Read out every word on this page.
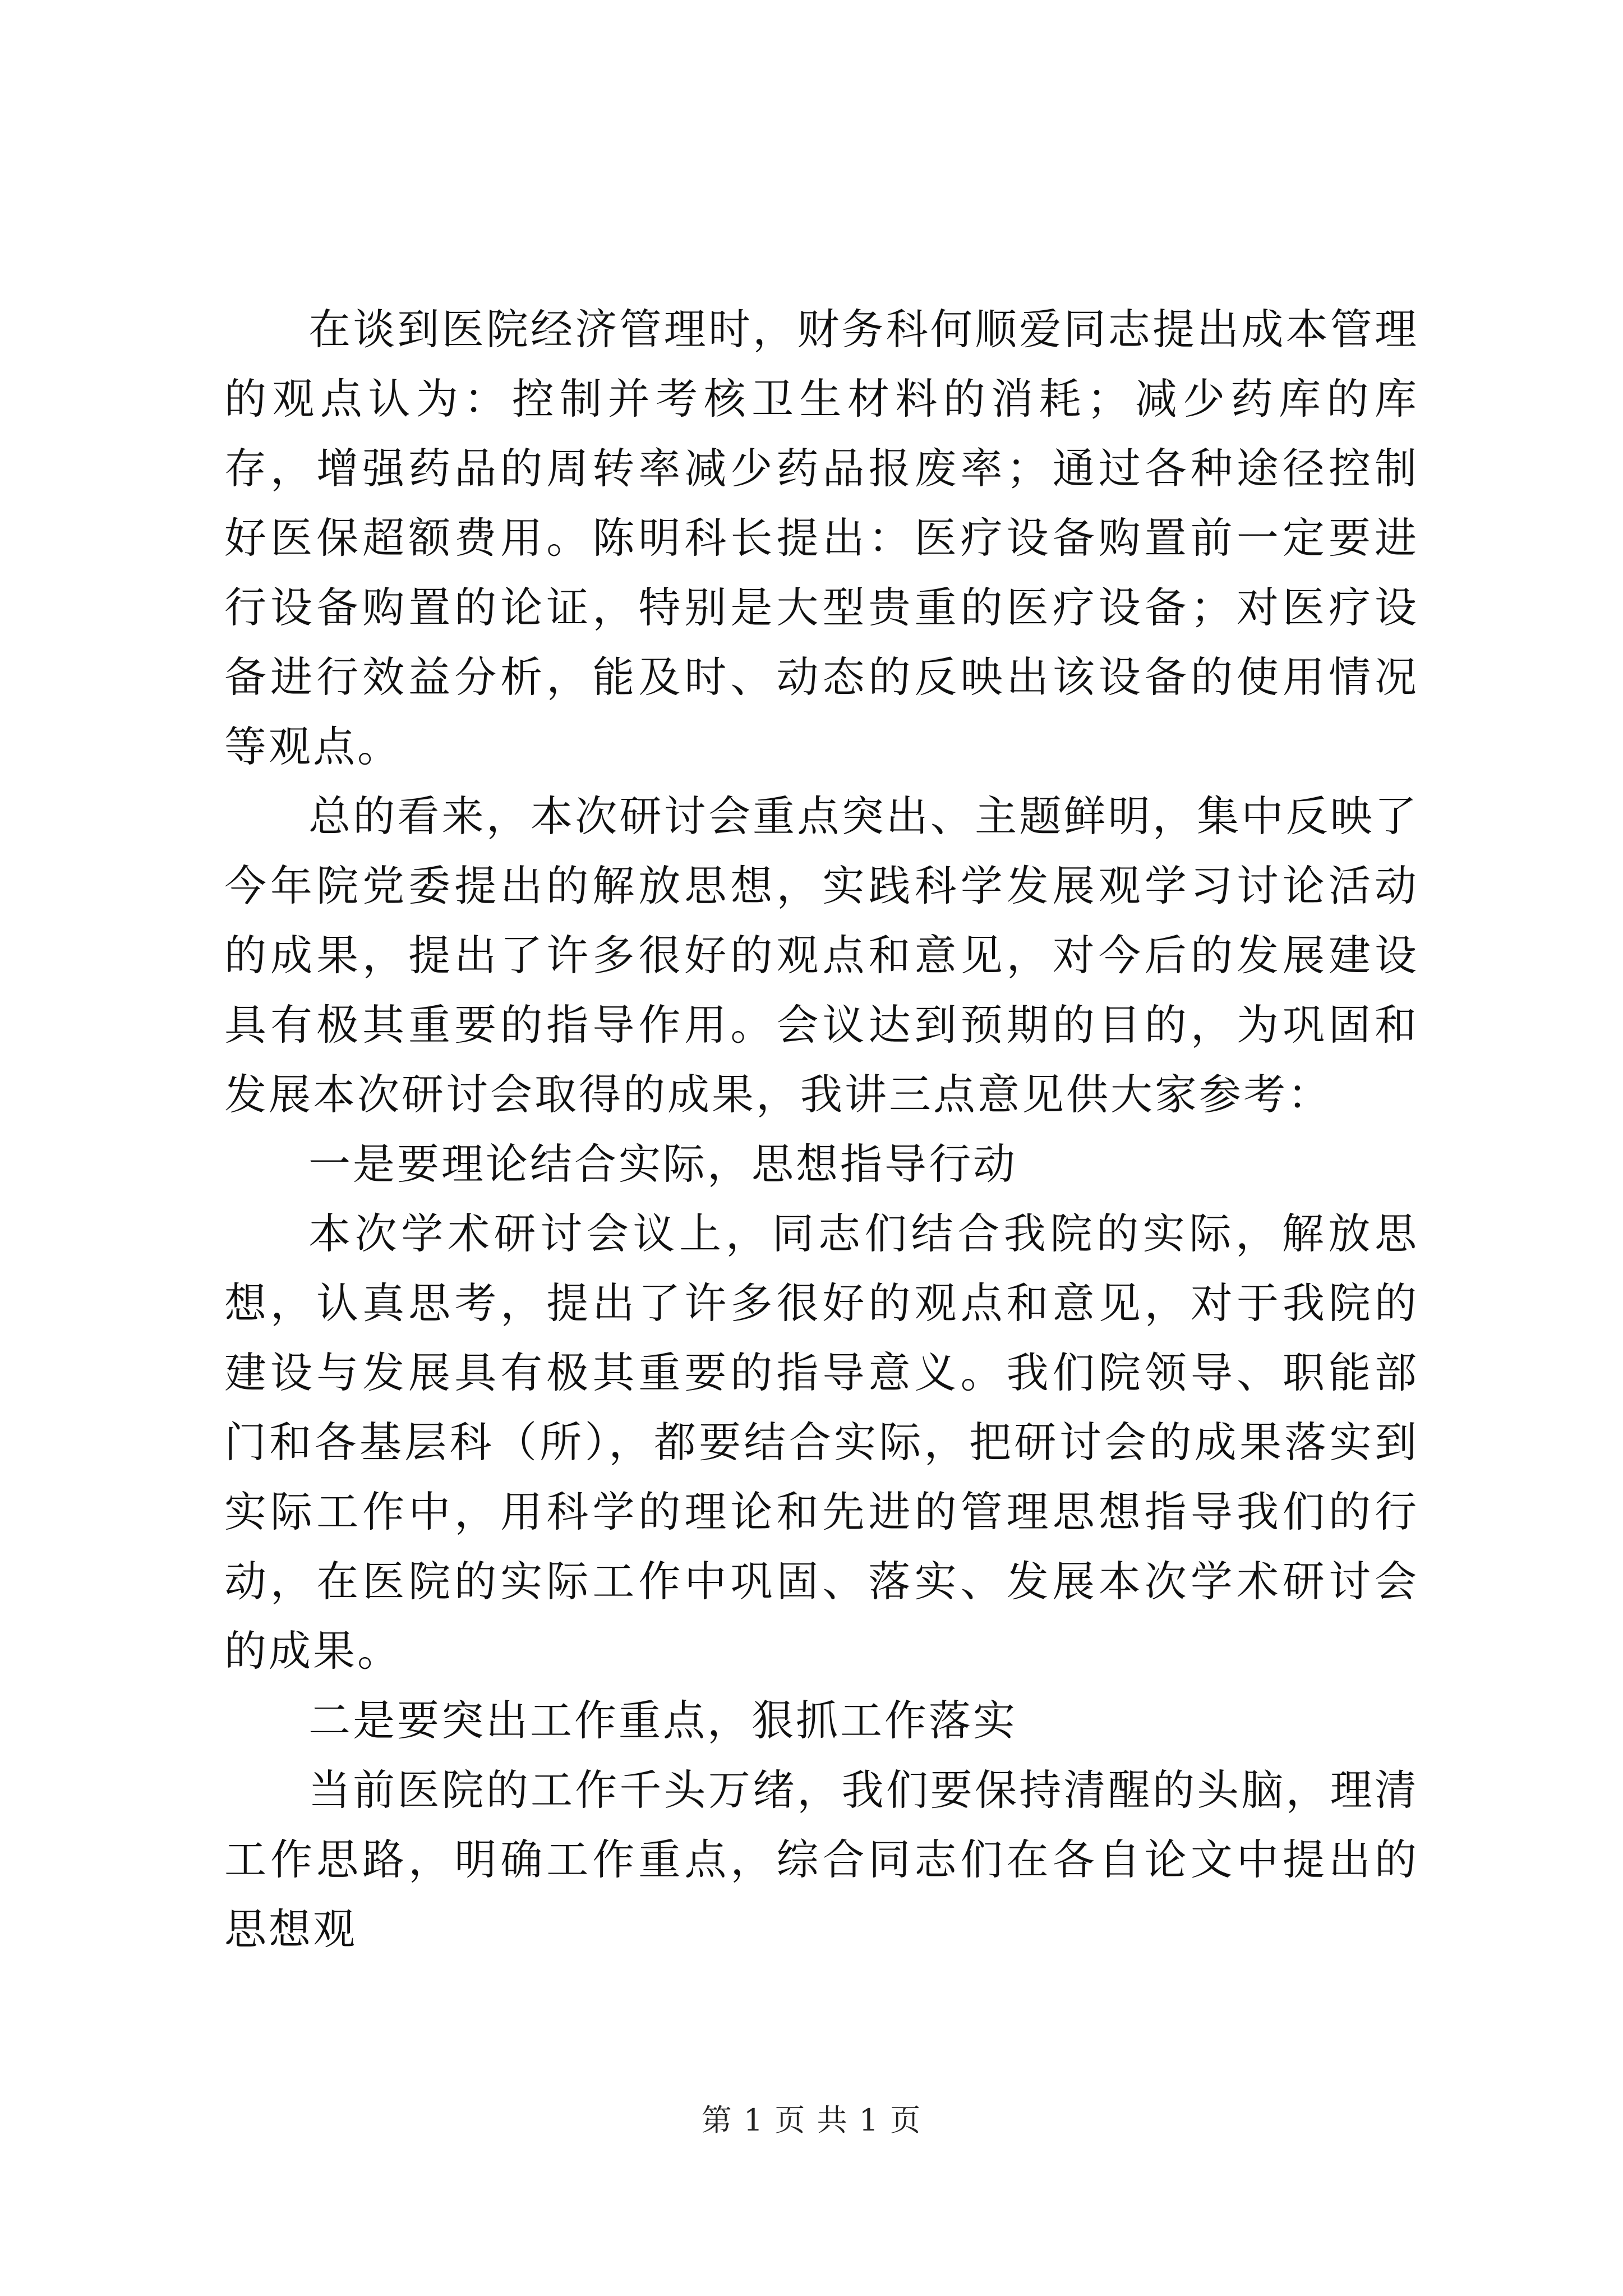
在谈到医院经济管理时，财务科何顺爱同志提出成本管理的观点认为：控制并考核卫生材料的消耗；减少药库的库存，增强药品的周转率减少药品报废率；通过各种途径控制好医保超额费用。陈明科长提出：医疗设备购置前一定要进行设备购置的论证，特别是大型贵重的医疗设备；对医疗设备进行效益分析，能及时、动态的反映出该设备的使用情况等观点。

总的看来，本次研讨会重点突出、主题鲜明，集中反映了今年院党委提出的解放思想，实践科学发展观学习讨论活动的成果，提出了许多很好的观点和意见，对今后的发展建设具有极其重要的指导作用。会议达到预期的目的，为巩固和发展本次研讨会取得的成果，我讲三点意见供大家参考：

一是要理论结合实际，思想指导行动

本次学术研讨会议上，同志们结合我院的实际，解放思想，认真思考，提出了许多很好的观点和意见，对于我院的建设与发展具有极其重要的指导意义。我们院领导、职能部门和各基层科（所），都要结合实际，把研讨会的成果落实到实际工作中，用科学的理论和先进的管理思想指导我们的行动，在医院的实际工作中巩固、落实、发展本次学术研讨会的成果。

二是要突出工作重点，狠抓工作落实

当前医院的工作千头万绪，我们要保持清醒的头脑，理清工作思路，明确工作重点，综合同志们在各自论文中提出的思想观

第 1 页 共 1 页
